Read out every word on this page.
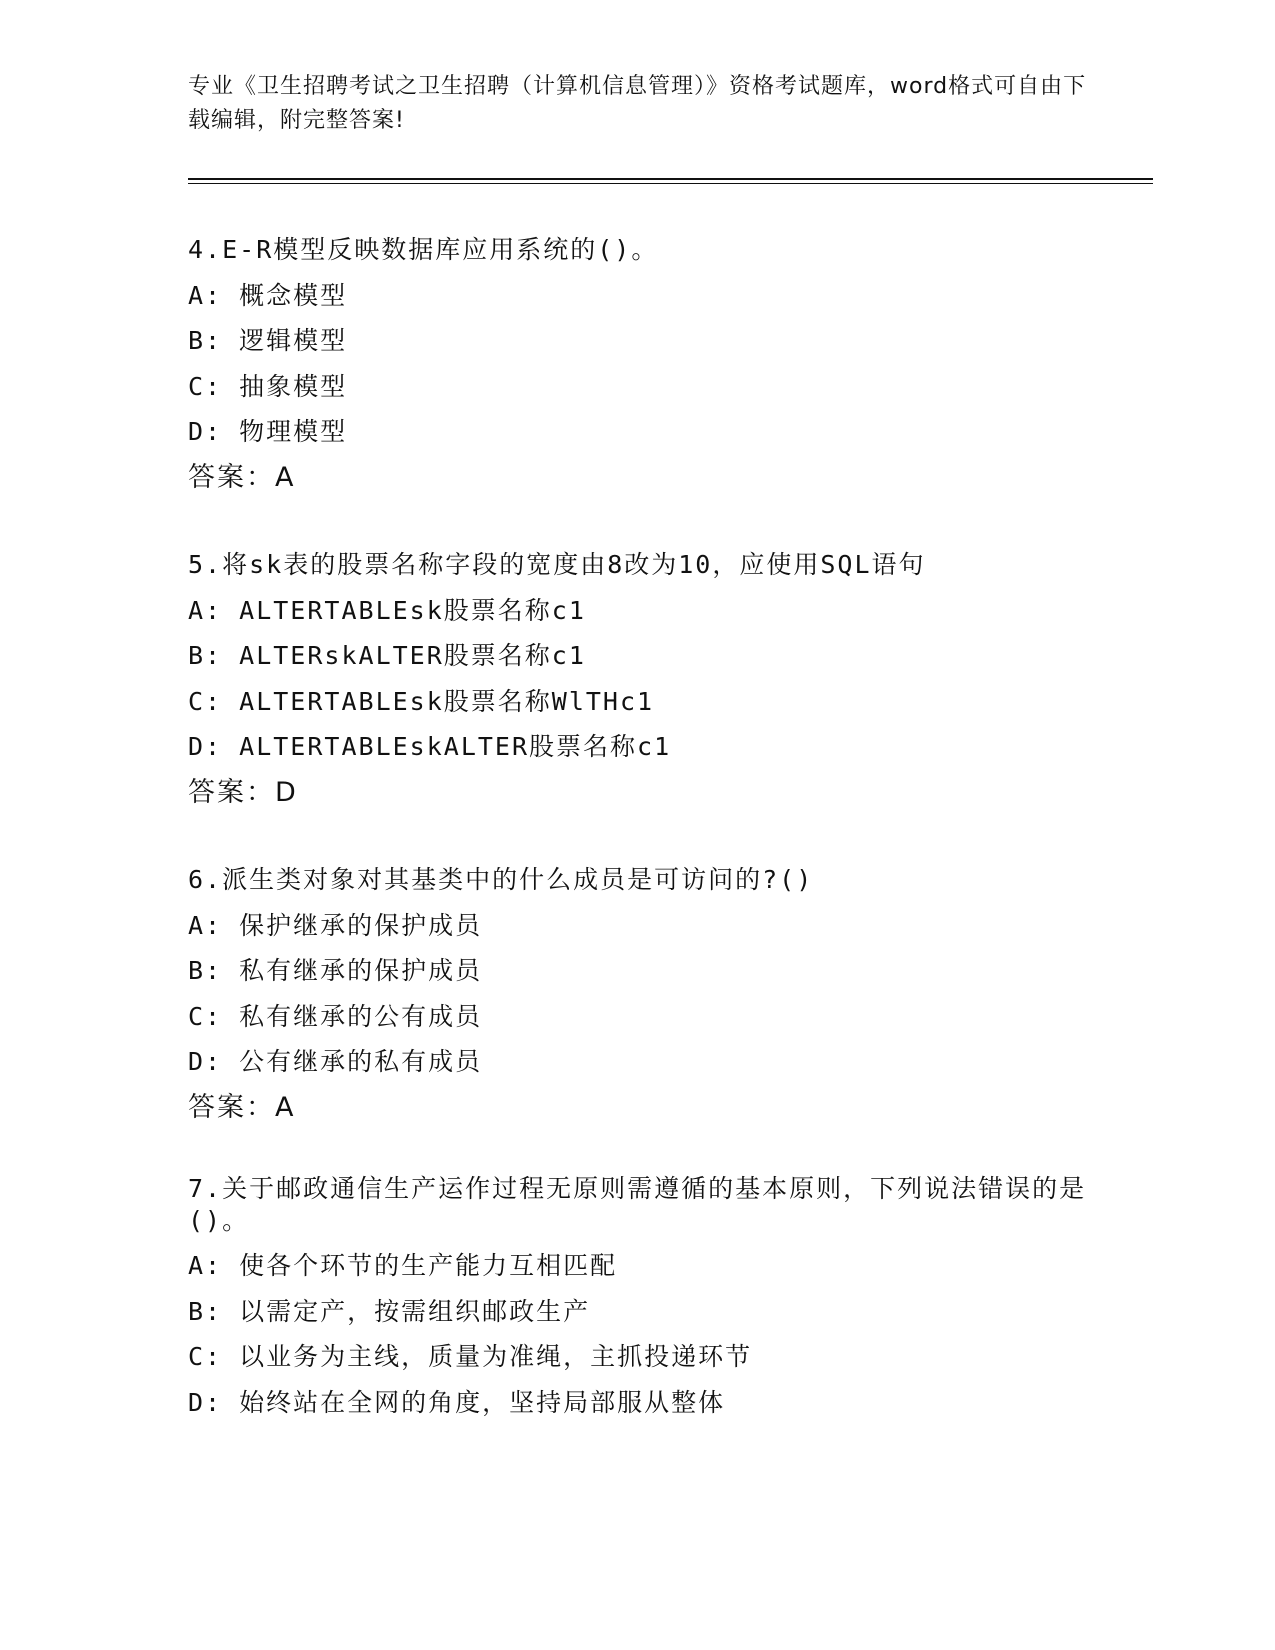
专业《卫生招聘考试之卫生招聘（计算机信息管理）》资格考试题库，word格式可自由下载编辑，附完整答案!
4.E-R模型反映数据库应用系统的()。
A: 概念模型
B: 逻辑模型
C: 抽象模型
D: 物理模型
答案：A
5.将sk表的股票名称字段的宽度由8改为10，应使用SQL语句
A: ALTERTABLEsk股票名称c1
B: ALTERskALTER股票名称c1
C: ALTERTABLEsk股票名称WlTHc1
D: ALTERTABLEskALTER股票名称c1
答案：D
6.派生类对象对其基类中的什么成员是可访问的?()
A: 保护继承的保护成员
B: 私有继承的保护成员
C: 私有继承的公有成员
D: 公有继承的私有成员
答案：A
7.关于邮政通信生产运作过程无原则需遵循的基本原则，下列说法错误的是()。
A: 使各个环节的生产能力互相匹配
B: 以需定产，按需组织邮政生产
C: 以业务为主线，质量为准绳，主抓投递环节
D: 始终站在全网的角度，坚持局部服从整体
